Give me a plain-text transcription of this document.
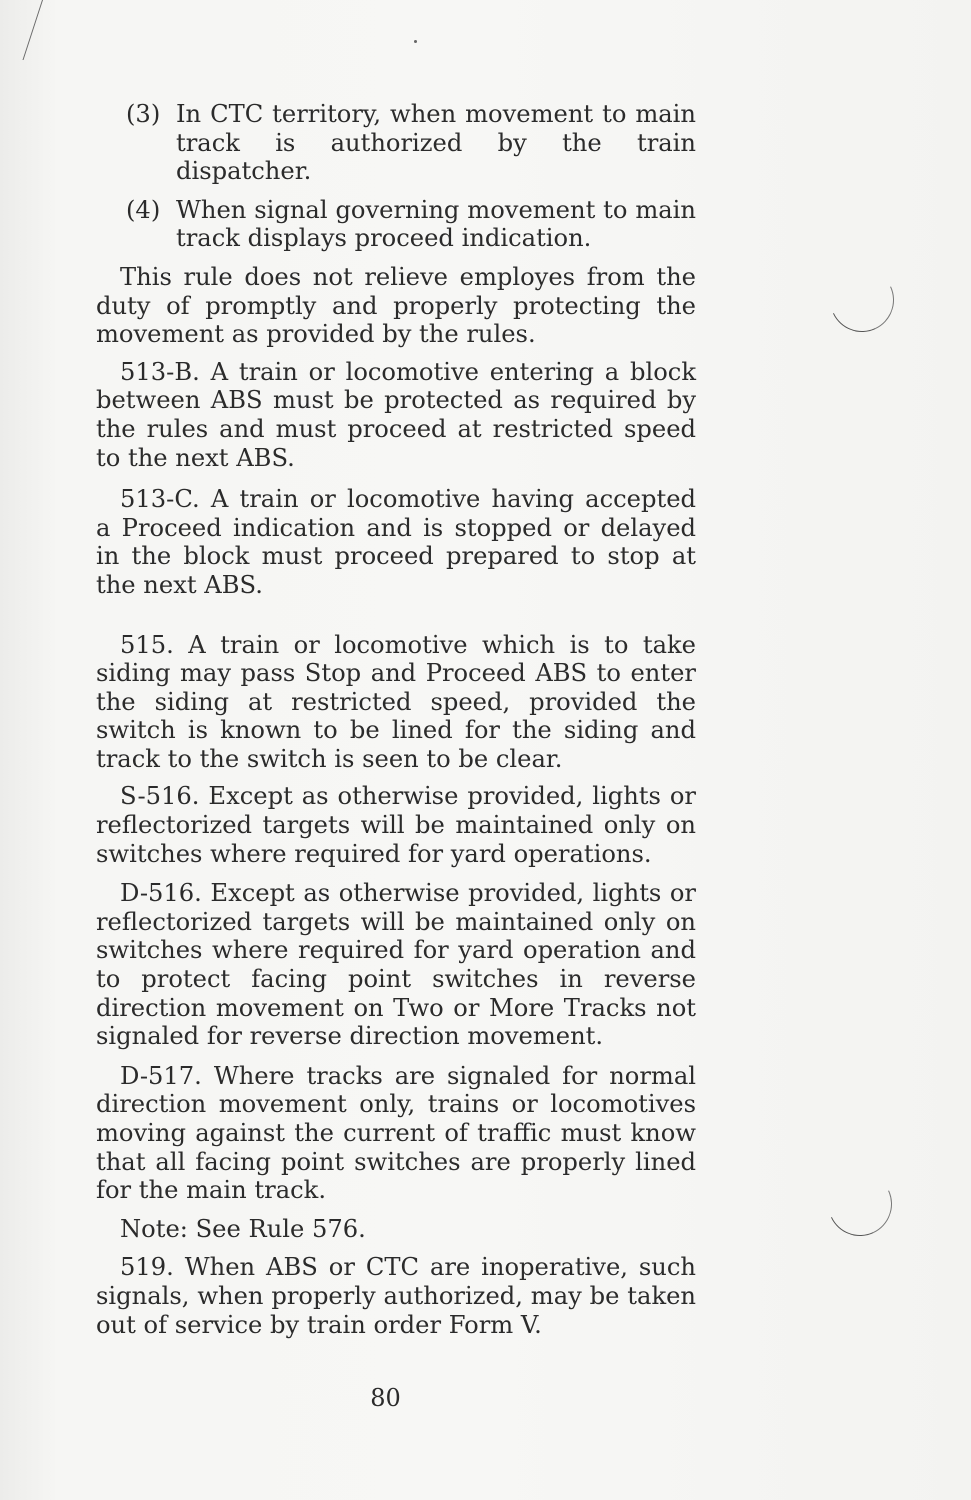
(3) In CTC territory, when movement to main track is authorized by the train dispatcher.

(4) When signal governing movement to main track displays proceed indication.

This rule does not relieve employes from the duty of promptly and properly protecting the movement as provided by the rules.

513-B. A train or locomotive entering a block between ABS must be protected as required by the rules and must proceed at restricted speed to the next ABS.

513-C. A train or locomotive having accepted a Proceed indication and is stopped or delayed in the block must proceed prepared to stop at the next ABS.

515. A train or locomotive which is to take siding may pass Stop and Proceed ABS to enter the siding at restricted speed, provided the switch is known to be lined for the siding and track to the switch is seen to be clear.

S-516. Except as otherwise provided, lights or reflectorized targets will be maintained only on switches where required for yard operations.

D-516. Except as otherwise provided, lights or reflectorized targets will be maintained only on switches where required for yard operation and to protect facing point switches in reverse direction movement on Two or More Tracks not signaled for reverse direction movement.

D-517. Where tracks are signaled for normal direction movement only, trains or locomotives moving against the current of traffic must know that all facing point switches are properly lined for the main track.

Note: See Rule 576.

519. When ABS or CTC are inoperative, such signals, when properly authorized, may be taken out of service by train order Form V.

80
